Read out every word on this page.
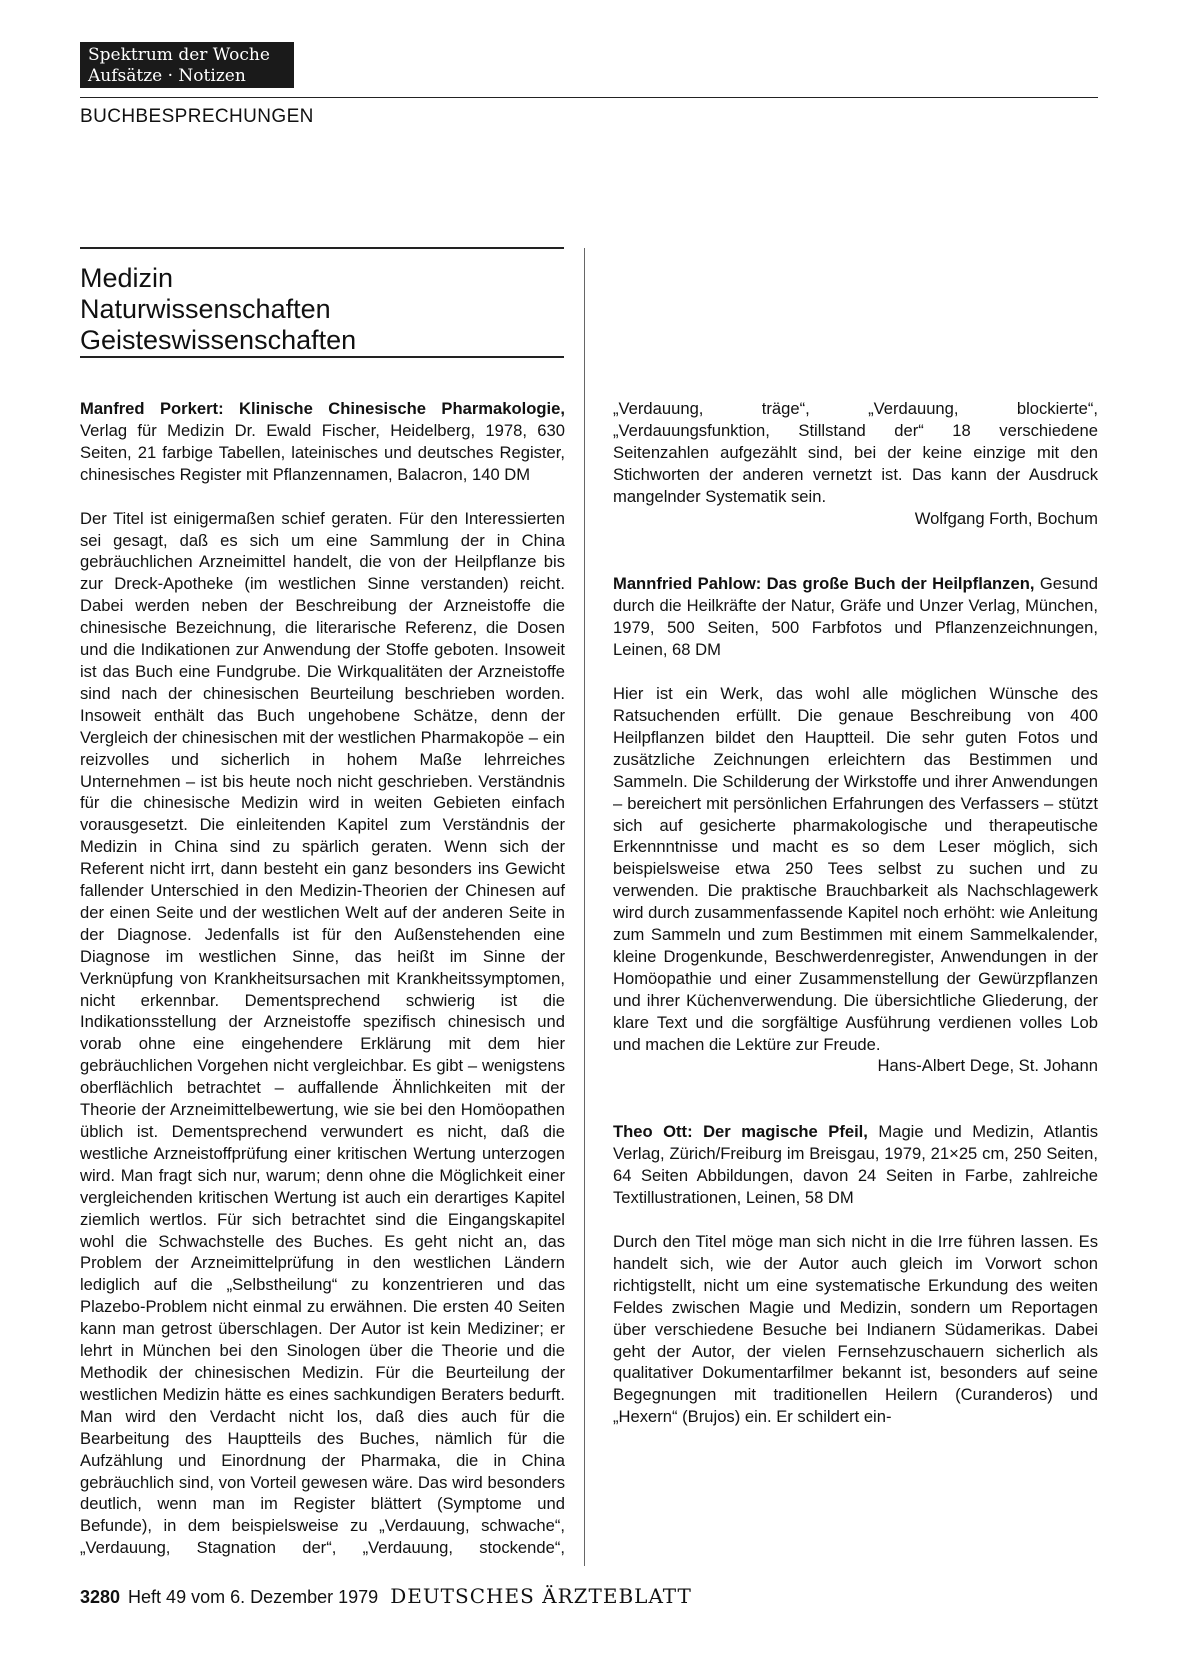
Spektrum der Woche
Aufsätze · Notizen
BUCHBESPRECHUNGEN
Medizin
Naturwissenschaften
Geisteswissenschaften

Manfred Porkert: Klinische Chinesische Pharmakologie, Verlag für Medizin Dr. Ewald Fischer, Heidelberg, 1978, 630 Seiten, 21 farbige Tabellen, lateinisches und deutsches Register, chinesisches Register mit Pflanzennamen, Balacron, 140 DM

Der Titel ist einigermaßen schief geraten. Für den Interessierten sei gesagt, daß es sich um eine Sammlung der in China gebräuchlichen Arzneimittel handelt, die von der Heilpflanze bis zur Dreck-Apotheke (im westlichen Sinne verstanden) reicht. Dabei werden neben der Beschreibung der Arzneistoffe die chinesische Bezeichnung, die literarische Referenz, die Dosen und die Indikationen zur Anwendung der Stoffe geboten. Insoweit ist das Buch eine Fundgrube. Die Wirkqualitäten der Arzneistoffe sind nach der chinesischen Beurteilung beschrieben worden. Insoweit enthält das Buch ungehobene Schätze, denn der Vergleich der chinesischen mit der westlichen Pharmakopöe – ein reizvolles und sicherlich in hohem Maße lehrreiches Unternehmen – ist bis heute noch nicht geschrieben. Verständnis für die chinesische Medizin wird in weiten Gebieten einfach vorausgesetzt. Die einleitenden Kapitel zum Verständnis der Medizin in China sind zu spärlich geraten. Wenn sich der Referent nicht irrt, dann besteht ein ganz besonders ins Gewicht fallender Unterschied in den Medizin-Theorien der Chinesen auf der einen Seite und der westlichen Welt auf der anderen Seite in der Diagnose. Jedenfalls ist für den Außenstehenden eine Diagnose im westlichen Sinne, das heißt im Sinne der Verknüpfung von Krankheitsursachen mit Krankheitssymptomen, nicht erkennbar. Dementsprechend schwierig ist die Indikationsstellung der Arzneistoffe spezifisch chinesisch und vorab ohne eine eingehendere Erklärung mit dem hier gebräuchlichen Vorgehen nicht vergleichbar. Es gibt – wenigstens oberflächlich betrachtet – auffallende Ähnlichkeiten mit der Theorie der Arzneimittelbewertung, wie sie bei den Homöopathen üblich ist. Dementsprechend verwundert es nicht, daß die westliche Arzneistoffprüfung einer kritischen Wertung unterzogen wird. Man fragt sich nur, warum; denn ohne die Möglichkeit einer vergleichenden kritischen Wertung ist auch ein derartiges Kapitel ziemlich wertlos. Für sich betrachtet sind die Eingangskapitel wohl die Schwachstelle des Buches. Es geht nicht an, das Problem der Arzneimittelprüfung in den westlichen Ländern lediglich auf die „Selbstheilung“ zu konzentrieren und das Plazebo-Problem nicht einmal zu erwähnen. Die ersten 40 Seiten kann man getrost überschlagen. Der Autor ist kein Mediziner; er lehrt in München bei den Sinologen über die Theorie und die Methodik der chinesischen Medizin. Für die Beurteilung der westlichen Medizin hätte es eines sachkundigen Beraters bedurft. Man wird den Verdacht nicht los, daß dies auch für die Bearbeitung des Hauptteils des Buches, nämlich für die Aufzählung und Einordnung der Pharmaka, die in China gebräuchlich sind, von Vorteil gewesen wäre. Das wird besonders deutlich, wenn man im Register blättert (Symptome und Befunde), in dem beispielsweise zu „Verdauung, schwache“, „Verdauung, Stagnation der“, „Verdauung, stockende“, „Verdauung, träge“, „Verdauung, blockierte“, „Verdauungsfunktion, Stillstand der“ 18 verschiedene Seitenzahlen aufgezählt sind, bei der keine einzige mit den Stichworten der anderen vernetzt ist. Das kann der Ausdruck mangelnder Systematik sein.
Wolfgang Forth, Bochum

Mannfried Pahlow: Das große Buch der Heilpflanzen, Gesund durch die Heilkräfte der Natur, Gräfe und Unzer Verlag, München, 1979, 500 Seiten, 500 Farbfotos und Pflanzenzeichnungen, Leinen, 68 DM

Hier ist ein Werk, das wohl alle möglichen Wünsche des Ratsuchenden erfüllt. Die genaue Beschreibung von 400 Heilpflanzen bildet den Hauptteil. Die sehr guten Fotos und zusätzliche Zeichnungen erleichtern das Bestimmen und Sammeln. Die Schilderung der Wirkstoffe und ihrer Anwendungen – bereichert mit persönlichen Erfahrungen des Verfassers – stützt sich auf gesicherte pharmakologische und therapeutische Erkennntnisse und macht es so dem Leser möglich, sich beispielsweise etwa 250 Tees selbst zu suchen und zu verwenden. Die praktische Brauchbarkeit als Nachschlagewerk wird durch zusammenfassende Kapitel noch erhöht: wie Anleitung zum Sammeln und zum Bestimmen mit einem Sammelkalender, kleine Drogenkunde, Beschwerdenregister, Anwendungen in der Homöopathie und einer Zusammenstellung der Gewürzpflanzen und ihrer Küchenverwendung. Die übersichtliche Gliederung, der klare Text und die sorgfältige Ausführung verdienen volles Lob und machen die Lektüre zur Freude.
Hans-Albert Dege, St. Johann

Theo Ott: Der magische Pfeil, Magie und Medizin, Atlantis Verlag, Zürich/Freiburg im Breisgau, 1979, 21×25 cm, 250 Seiten, 64 Seiten Abbildungen, davon 24 Seiten in Farbe, zahlreiche Textillustrationen, Leinen, 58 DM

Durch den Titel möge man sich nicht in die Irre führen lassen. Es handelt sich, wie der Autor auch gleich im Vorwort schon richtigstellt, nicht um eine systematische Erkundung des weiten Feldes zwischen Magie und Medizin, sondern um Reportagen über verschiedene Besuche bei Indianern Südamerikas. Dabei geht der Autor, der vielen Fernsehzuschauern sicherlich als qualitativer Dokumentarfilmer bekannt ist, besonders auf seine Begegnungen mit traditionellen Heilern (Curanderos) und „Hexern“ (Brujos) ein. Er schildert ein-

3280 Heft 49 vom 6. Dezember 1979 DEUTSCHES ÄRZTEBLATT
